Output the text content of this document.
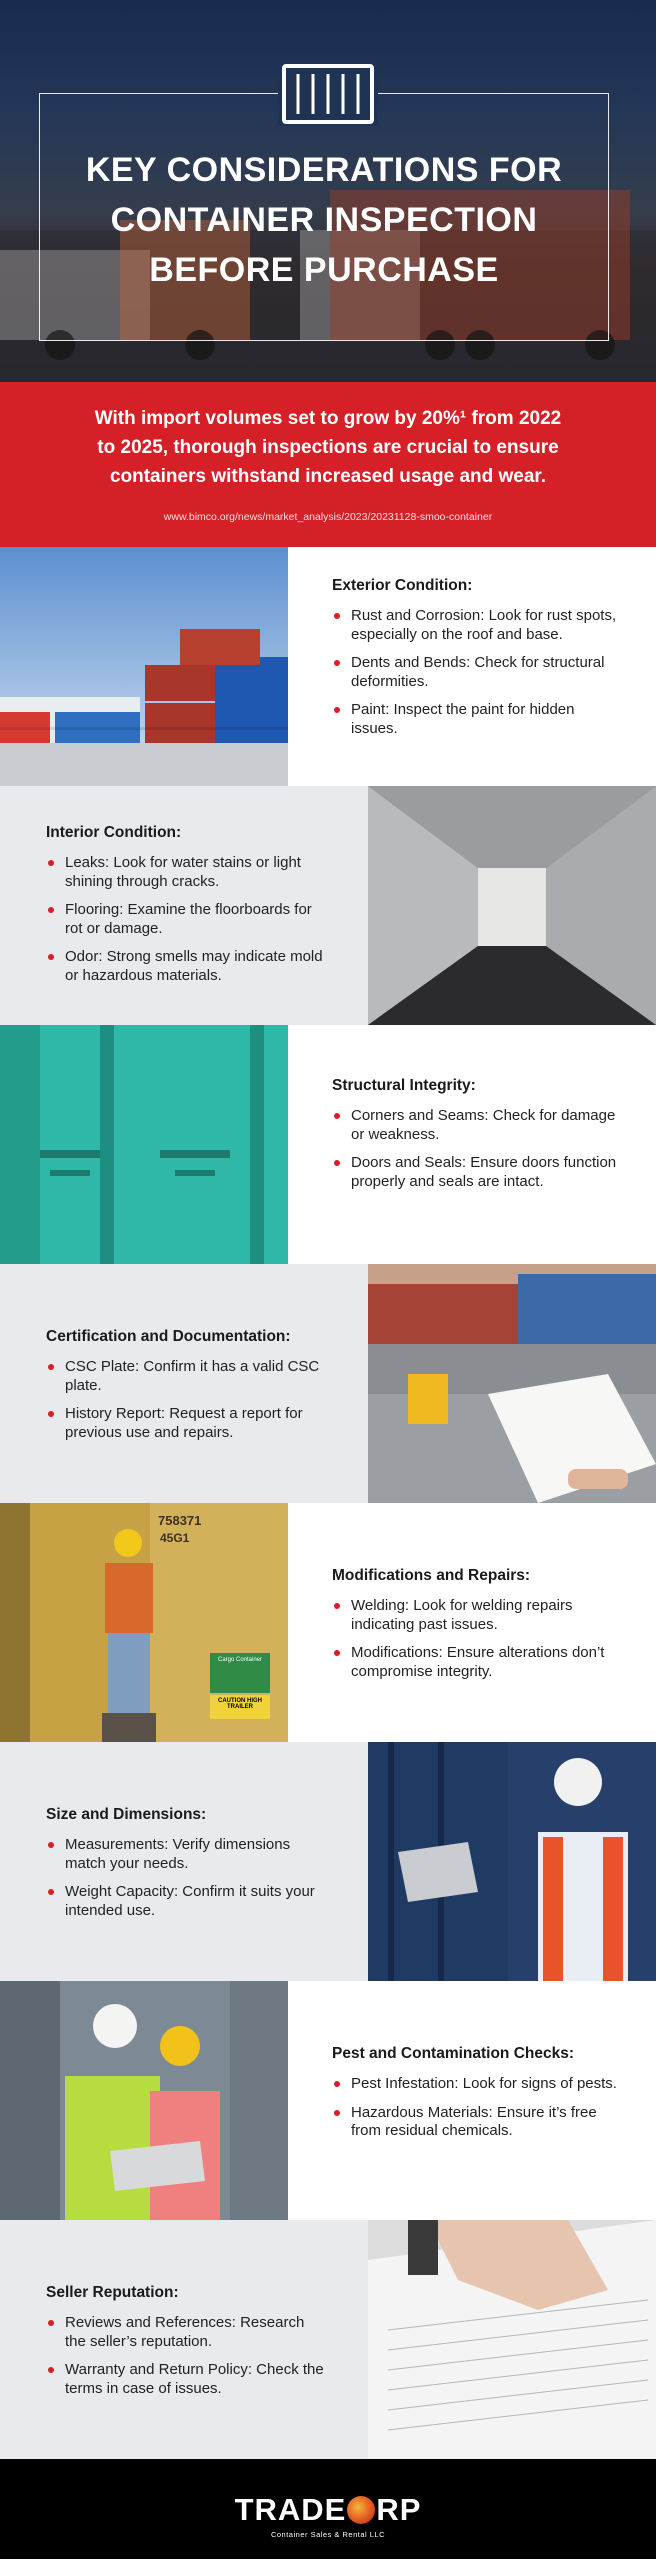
KEY CONSIDERATIONS FOR
CONTAINER INSPECTION
BEFORE PURCHASE
With import volumes set to grow by 20%¹ from 2022
to 2025, thorough inspections are crucial to ensure
containers withstand increased usage and wear.
www.bimco.org/news/market_analysis/2023/20231128-smoo-container
Exterior Condition:
Rust and Corrosion: Look for rust spots, especially on the roof and base.
Dents and Bends: Check for structural deformities.
Paint: Inspect the paint for hidden issues.
Interior Condition:
Leaks: Look for water stains or light shining through cracks.
Flooring: Examine the floorboards for rot or damage.
Odor: Strong smells may indicate mold or hazardous materials.
Structural Integrity:
Corners and Seams: Check for damage or weakness.
Doors and Seals: Ensure doors function properly and seals are intact.
Certification and Documentation:
CSC Plate: Confirm it has a valid CSC plate.
History Report: Request a report for previous use and repairs.
758371
45G1
Cargo Container
CAUTION HIGH TRAILER
Modifications and Repairs:
Welding: Look for welding repairs indicating past issues.
Modifications: Ensure alterations don’t compromise integrity.
Size and Dimensions:
Measurements: Verify dimensions match your needs.
Weight Capacity: Confirm it suits your intended use.
Pest and Contamination Checks:
Pest Infestation: Look for signs of pests.
Hazardous Materials: Ensure it’s free from residual chemicals.
Seller Reputation:
Reviews and References: Research the seller’s reputation.
Warranty and Return Policy: Check the terms in case of issues.
TRADE RP
Container Sales & Rental LLC
